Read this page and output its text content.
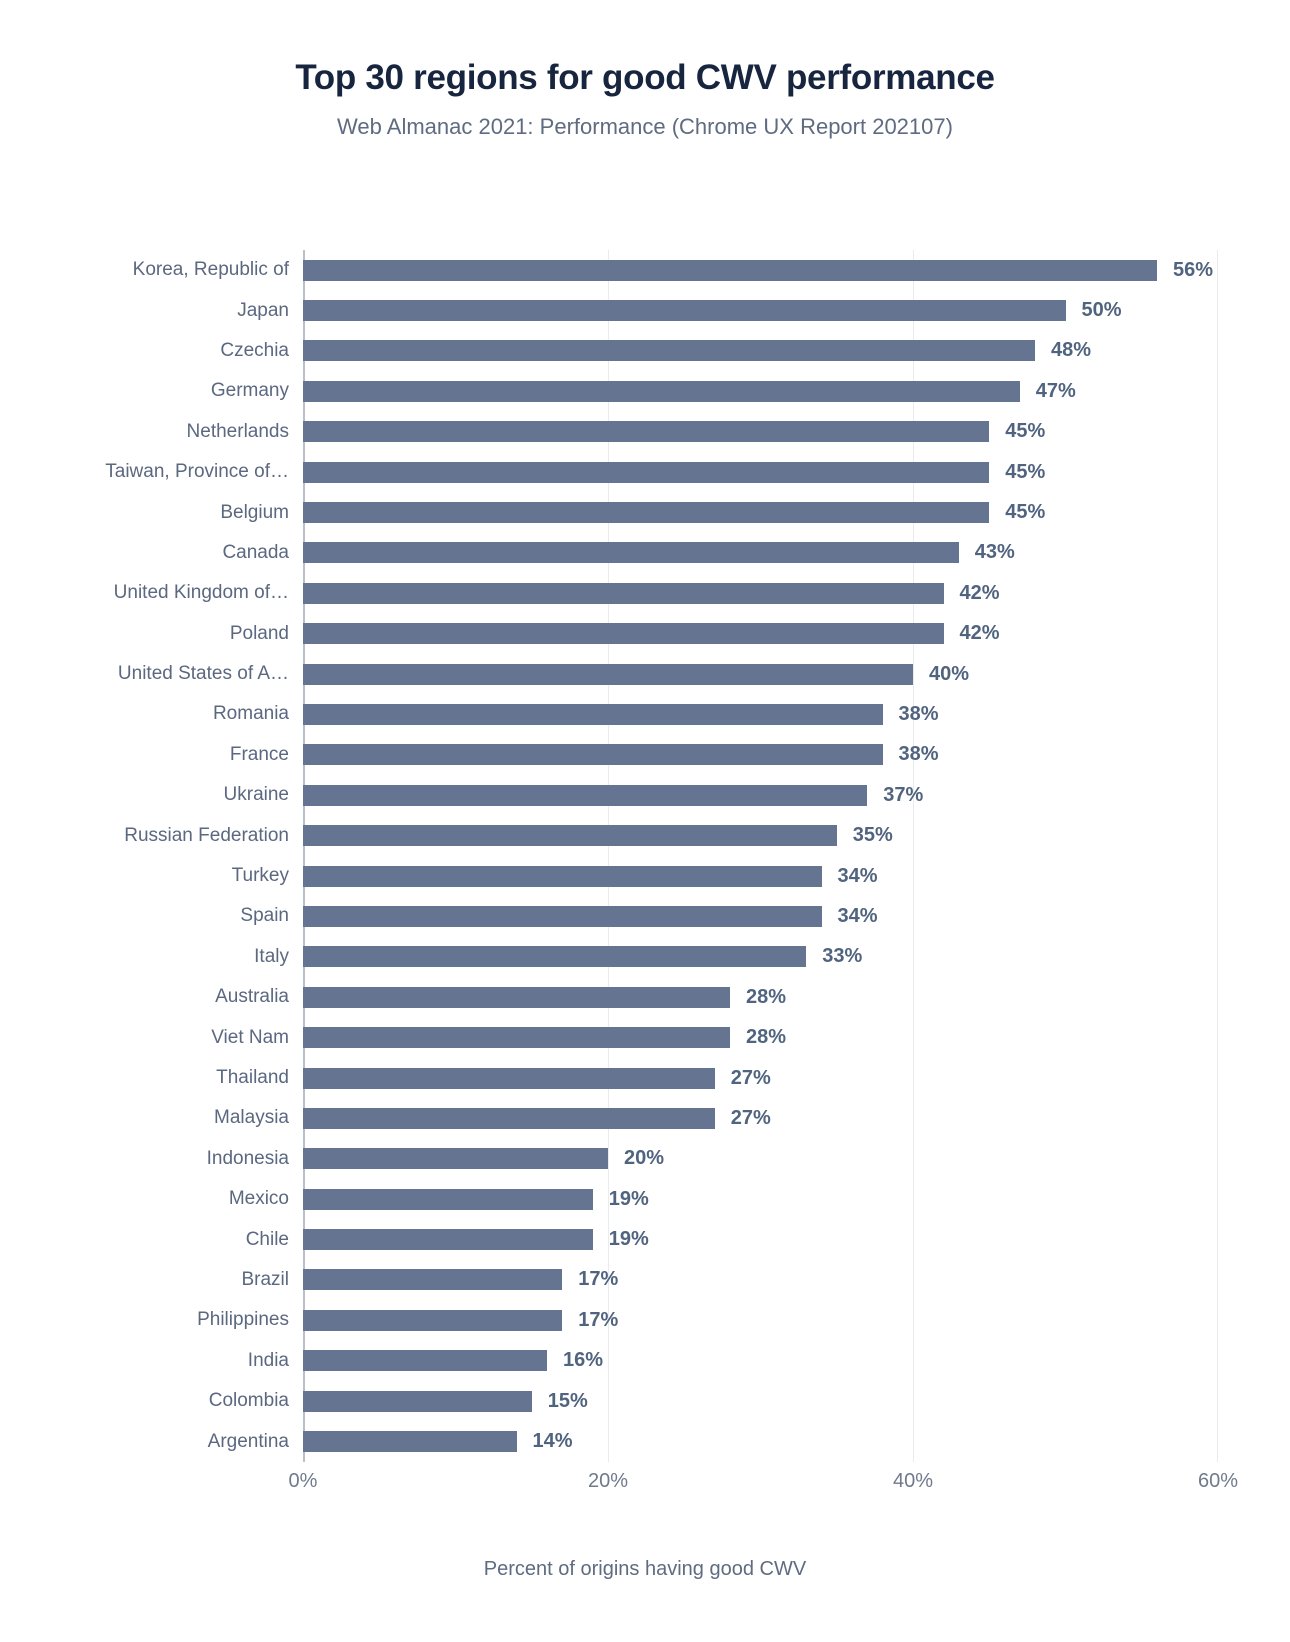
Top 30 regions for good CWV performance
Web Almanac 2021: Performance (Chrome UX Report 202107)
Korea, Republic of	56%
Japan	50%
Czechia	48%
Germany	47%
Netherlands	45%
Taiwan, Province of…	45%
Belgium	45%
Canada	43%
United Kingdom of…	42%
Poland	42%
United States of A…	40%
Romania	38%
France	38%
Ukraine	37%
Russian Federation	35%
Turkey	34%
Spain	34%
Italy	33%
Australia	28%
Viet Nam	28%
Thailand	27%
Malaysia	27%
Indonesia	20%
Mexico	19%
Chile	19%
Brazil	17%
Philippines	17%
India	16%
Colombia	15%
Argentina	14%
0%	20%	40%	60%
Percent of origins having good CWV
